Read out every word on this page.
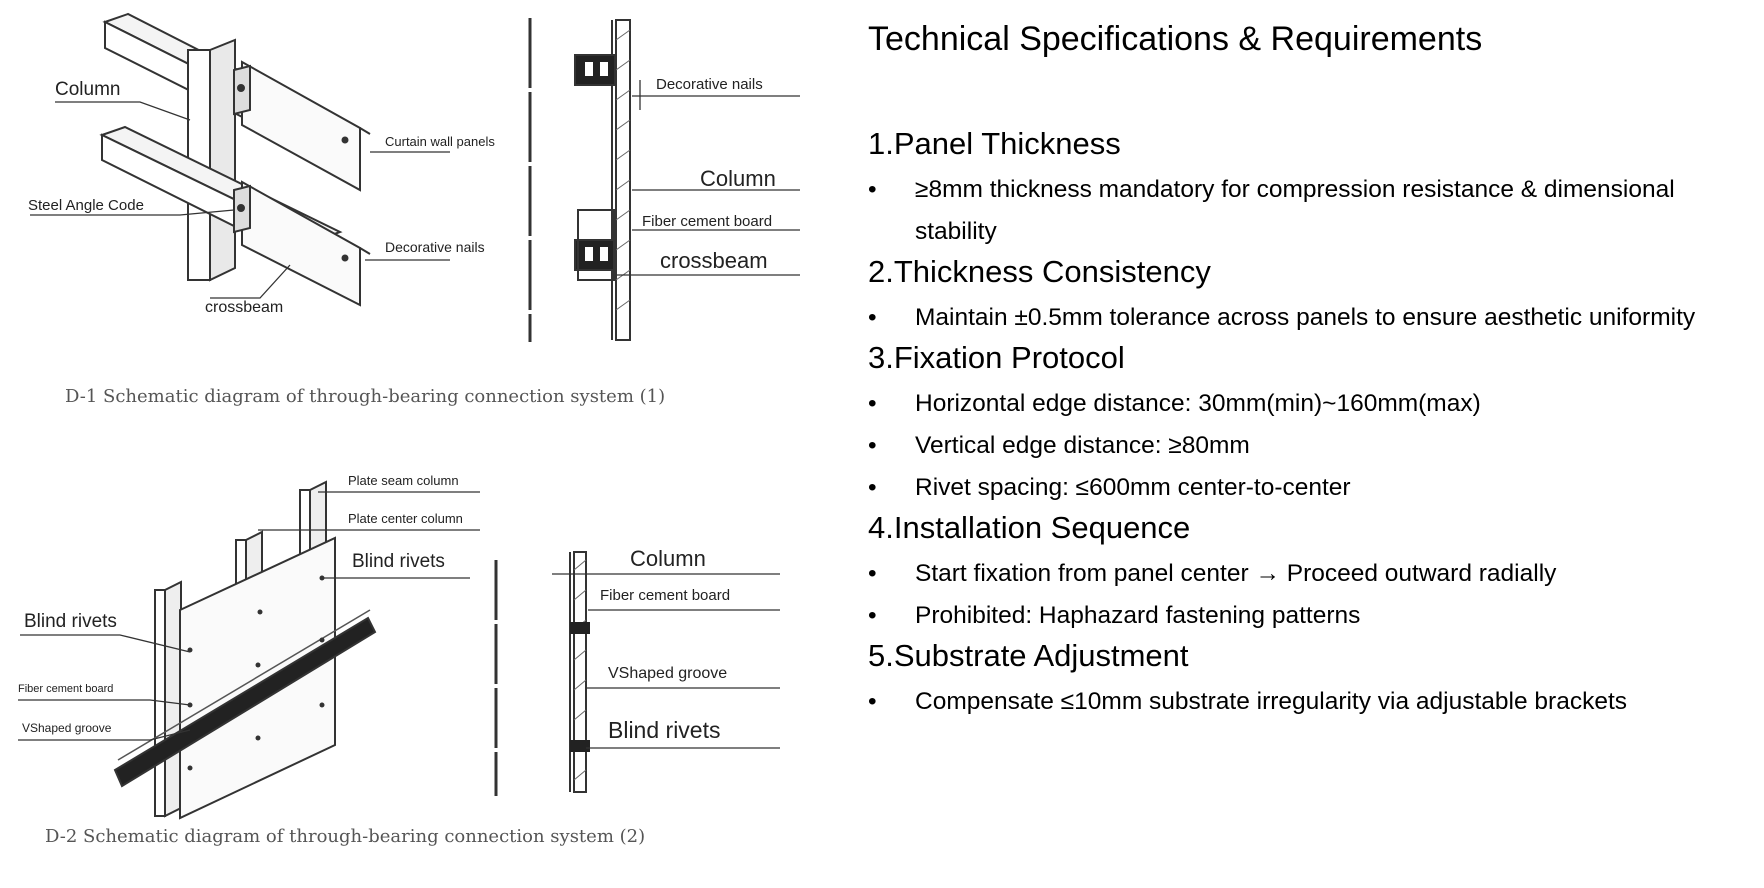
Column
Steel Angle Code
crossbeam
Curtain wall panels
Decorative nails
Decorative nails
Column
Fiber cement board
crossbeam
D-1 Schematic diagram of through-bearing connection system (1)
Plate seam column
Plate center column
Blind rivets
Blind rivets
Fiber cement board
VShaped groove
Column
Fiber cement board
VShaped groove
Blind rivets
D-2 Schematic diagram of through-bearing connection system (2)
Technical Specifications & Requirements
1.Panel Thickness
• ≥8mm thickness mandatory for compression resistance & dimensional stability
2.Thickness Consistency
• Maintain ±0.5mm tolerance across panels to ensure aesthetic uniformity
3.Fixation Protocol
• Horizontal edge distance: 30mm(min)~160mm(max)
• Vertical edge distance: ≥80mm
• Rivet spacing: ≤600mm center-to-center
4.Installation Sequence
• Start fixation from panel center → Proceed outward radially
• Prohibited: Haphazard fastening patterns
5.Substrate Adjustment
• Compensate ≤10mm substrate irregularity via adjustable brackets
